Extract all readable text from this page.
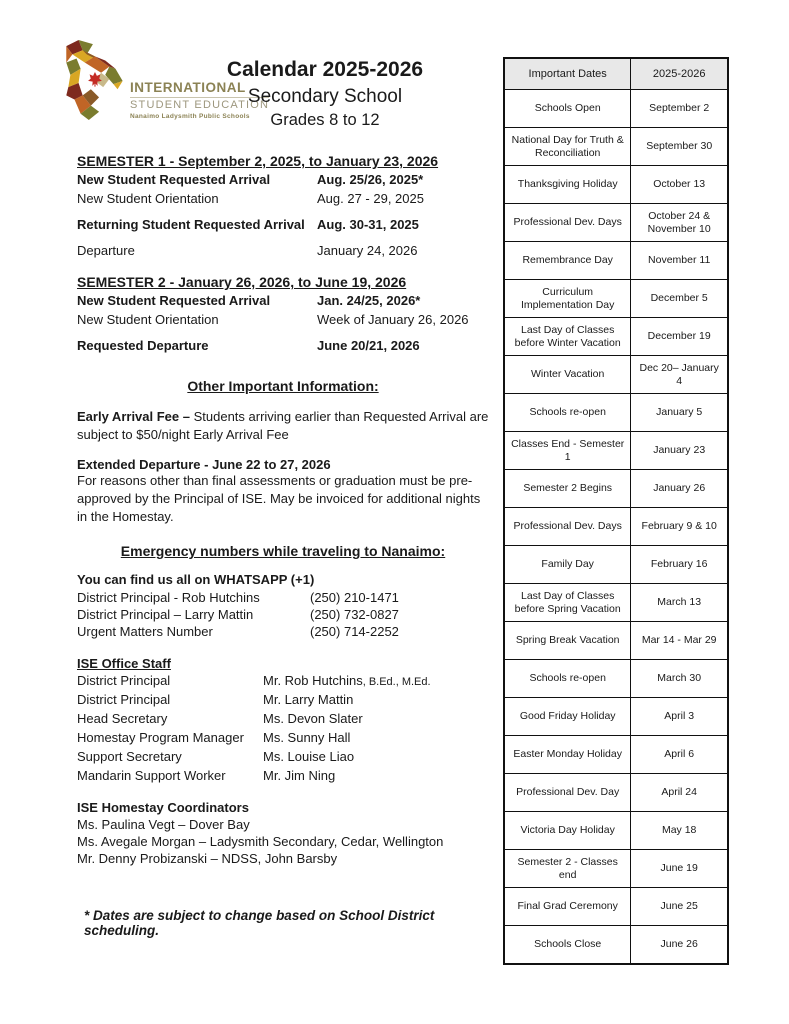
INTERNATIONAL
STUDENT EDUCATION
Nanaimo Ladysmith Public Schools
Calendar 2025-2026
Secondary School
Grades 8 to 12
SEMESTER 1 - September 2, 2025, to January 23, 2026
New Student Requested Arrival	Aug. 25/26, 2025*
New Student Orientation	Aug. 27 - 29, 2025
Returning Student Requested Arrival Aug. 30-31, 2025
Departure	January 24, 2026
SEMESTER 2 - January 26, 2026, to June 19, 2026
New Student Requested Arrival	Jan. 24/25, 2026*
New Student Orientation	Week of January 26, 2026
Requested Departure	June 20/21, 2026
Other Important Information:

Early Arrival Fee – Students arriving earlier than Requested Arrival are subject to $50/night Early Arrival Fee

Extended Departure - June 22 to 27, 2026

For reasons other than final assessments or graduation must be pre-approved by the Principal of ISE. May be invoiced for additional nights in the Homestay.

Emergency numbers while traveling to Nanaimo:
You can find us all on WHATSAPP (+1)
District Principal - Rob Hutchins	(250) 210-1471
District Principal – Larry Mattin	(250) 732-0827
Urgent Matters Number	(250) 714-2252
ISE Office Staff
District Principal	Mr. Rob Hutchins, B.Ed., M.Ed.
District Principal	Mr. Larry Mattin
Head Secretary	Ms. Devon Slater
Homestay Program Manager	Ms. Sunny Hall
Support Secretary	Ms. Louise Liao
Mandarin Support Worker	Mr. Jim Ning
ISE Homestay Coordinators
Ms. Paulina Vegt – Dover Bay
Ms. Avegale Morgan – Ladysmith Secondary, Cedar, Wellington
Mr. Denny Probizanski – NDSS, John Barsby
* Dates are subject to change based on School District scheduling.
Important Dates	2025-2026
Schools Open	September 2
National Day for Truth & Reconciliation	September 30
Thanksgiving Holiday	October 13
Professional Dev. Days	October 24 & November 10
Remembrance Day	November 11
Curriculum Implementation Day	December 5
Last Day of Classes before Winter Vacation	December 19
Winter Vacation	Dec 20– January 4
Schools re-open	January 5
Classes End - Semester 1	January 23
Semester 2 Begins	January 26
Professional Dev. Days	February 9 & 10
Family Day	February 16
Last Day of Classes before Spring Vacation	March 13
Spring Break Vacation	Mar 14 - Mar 29
Schools re-open	March 30
Good Friday Holiday	April 3
Easter Monday Holiday	April 6
Professional Dev. Day	April 24
Victoria Day Holiday	May 18
Semester 2 - Classes end	June 19
Final Grad Ceremony	June 25
Schools Close	June 26
